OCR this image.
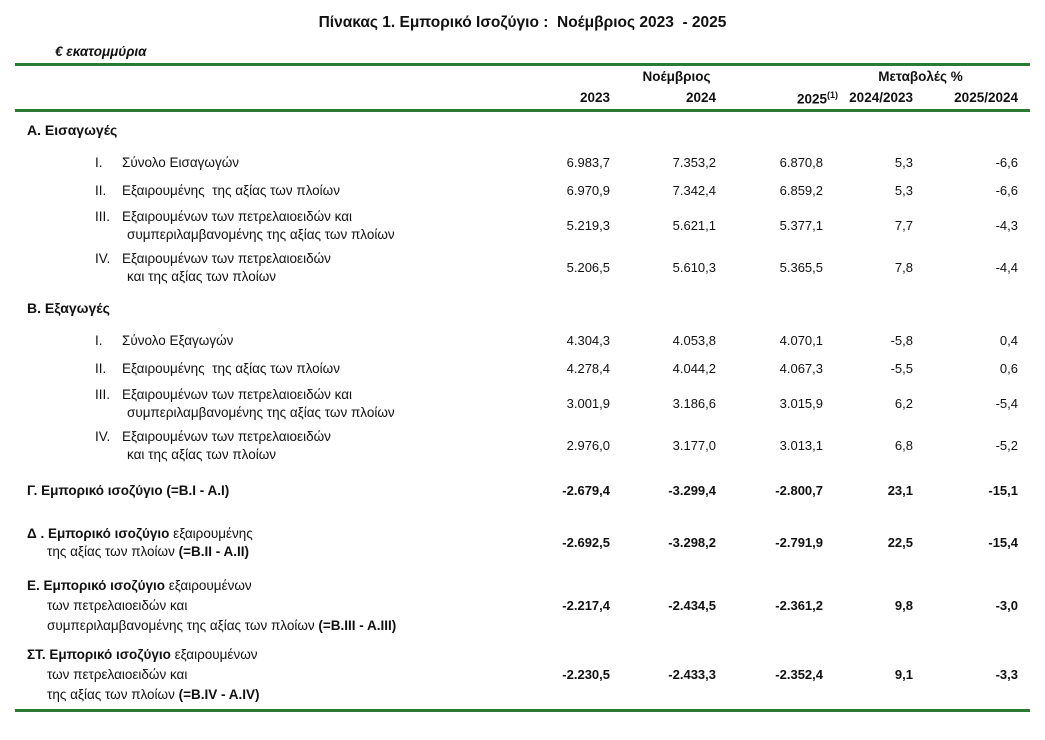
Πίνακας 1. Εμπορικό Ισοζύγιο :  Νοέμβριος 2023  - 2025
€ εκατομμύρια
	Νοέμβριος			Μεταβολές %	
	2023	2024	2025$^{(1)}$	2024/2023	2025/2024

Α. Εισαγωγές					

I. Σύνολο Εισαγωγών	6.983,7	7.353,2	6.870,8	5,3	-6,6

II. Εξαιρουμένης  της αξίας των πλοίων	6.970,9	7.342,4	6.859,2	5,3	-6,6

III. Εξαιρουμένων των πετρελαιοειδών και
συμπεριλαμβανομένης της αξίας των πλοίων	5.219,3	5.621,1	5.377,1	7,7	-4,3

IV. Εξαιρουμένων των πετρελαιοειδών
και της αξίας των πλοίων	5.206,5	5.610,3	5.365,5	7,8	-4,4

Β. Εξαγωγές					

I. Σύνολο Εξαγωγών	4.304,3	4.053,8	4.070,1	-5,8	0,4

II. Εξαιρουμένης  της αξίας των πλοίων	4.278,4	4.044,2	4.067,3	-5,5	0,6

III. Εξαιρουμένων των πετρελαιοειδών και
συμπεριλαμβανομένης της αξίας των πλοίων	3.001,9	3.186,6	3.015,9	6,2	-5,4

IV. Εξαιρουμένων των πετρελαιοειδών
και της αξίας των πλοίων	2.976,0	3.177,0	3.013,1	6,8	-5,2

Γ. Εμπορικό ισοζύγιο (=B.I - A.I)	-2.679,4	-3.299,4	-2.800,7	23,1	-15,1

Δ . Εμπορικό ισοζύγιο εξαιρουμένης
της αξίας των πλοίων (=B.II - A.II)	-2.692,5	-3.298,2	-2.791,9	22,5	-15,4

Ε. Εμπορικό ισοζύγιο εξαιρουμένων
των πετρελαιοειδών και
συμπεριλαμβανομένης της αξίας των πλοίων (=B.III - A.III)	-2.217,4	-2.434,5	-2.361,2	9,8	-3,0

ΣΤ. Εμπορικό ισοζύγιο εξαιρουμένων
των πετρελαιοειδών και
της αξίας των πλοίων (=B.IV - A.IV)	-2.230,5	-2.433,3	-2.352,4	9,1	-3,3
